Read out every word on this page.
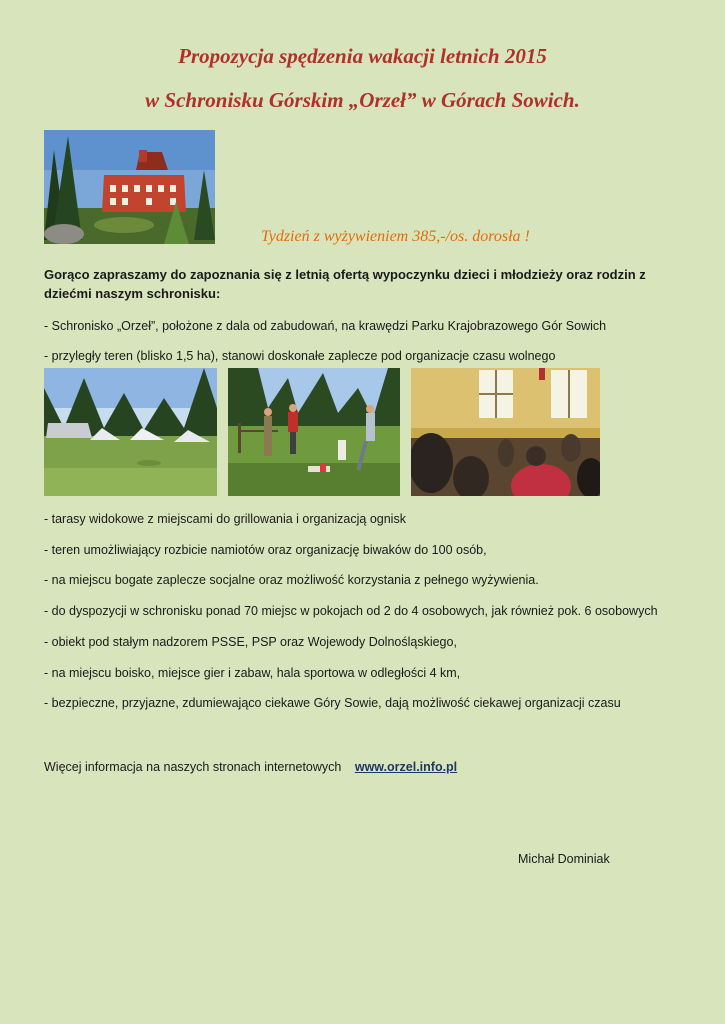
Propozycja spędzenia wakacji letnich 2015
w Schronisku Górskim „Orzeł” w Górach Sowich.

Tydzień z wyżywieniem 385,-/os. dorosła !

Gorąco zapraszamy do zapoznania się z letnią ofertą wypoczynku dzieci i młodzieży oraz rodzin z dziećmi naszym schronisku:

- Schronisko „Orzeł”, położone z dala od zabudowań, na krawędzi Parku Krajobrazowego Gór Sowich

- przyległy teren (blisko 1,5 ha), stanowi doskonałe zaplecze pod organizacje czasu wolnego

- tarasy widokowe z miejscami do grillowania i organizacją ognisk

- teren umożliwiający rozbicie namiotów oraz organizację biwaków do 100 osób,

- na miejscu bogate zaplecze socjalne oraz możliwość korzystania z pełnego wyżywienia.

- do dyspozycji w schronisku ponad 70 miejsc w pokojach od 2 do 4 osobowych, jak również pok. 6 osobowych

- obiekt pod stałym nadzorem PSSE, PSP oraz Wojewody Dolnośląskiego,

- na miejscu boisko, miejsce gier i zabaw, hala sportowa w odległości 4 km,

- bezpieczne, przyjazne, zdumiewająco ciekawe Góry Sowie, dają możliwość ciekawej organizacji czasu

Więcej informacja na naszych stronach internetowych www.orzel.info.pl

Michał Dominiak
